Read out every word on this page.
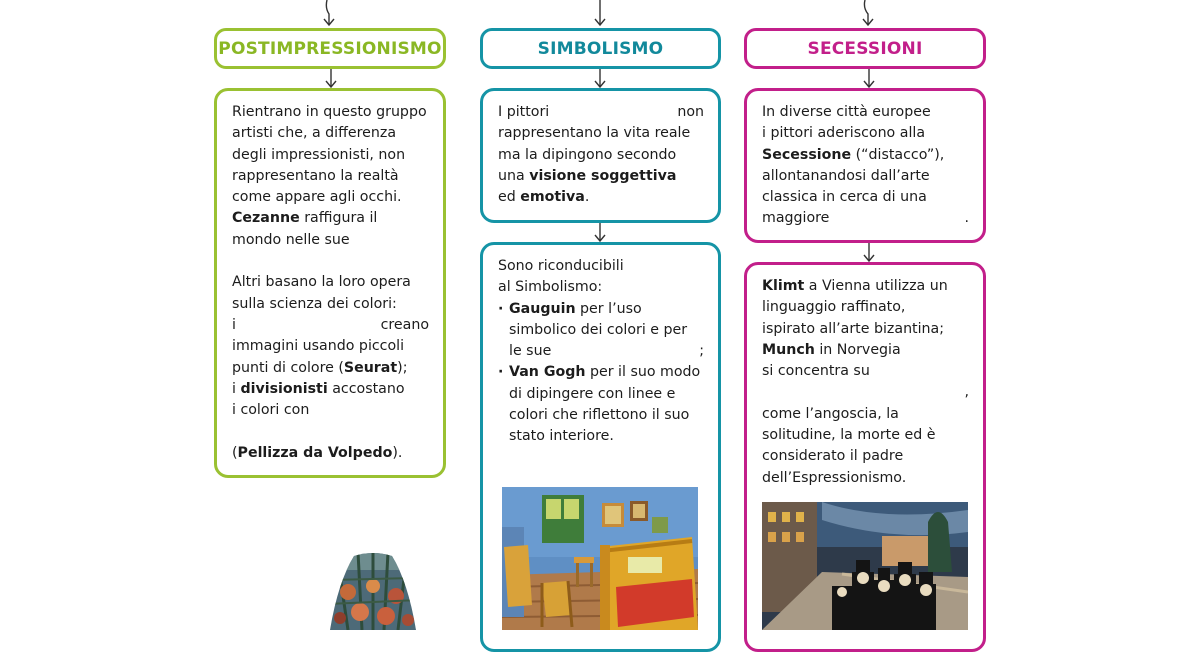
POSTIMPRESSIONISMO	SIMBOLISMO	SECESSIONI
Rientrano in questo gruppo
artisti che, a differenza
degli impressionisti, non
rappresentano la realtà
come appare agli occhi.
Cezanne raffigura il
mondo nelle sue
Altri basano la loro opera
sulla scienza dei colori:
i	creano
immagini usando piccoli
punti di colore (Seurat);
i divisionisti accostano
i colori con
(Pellizza da Volpedo).
I pittori	non
rappresentano la vita reale
ma la dipingono secondo
una visione soggettiva
ed emotiva.
Sono riconducibili
al Simbolismo:
· Gauguin per l’uso
simbolico dei colori e per
le sue	;
· Van Gogh per il suo modo
di dipingere con linee e
colori che riflettono il suo
stato interiore.
In diverse città europee
i pittori aderiscono alla
Secessione (“distacco”),
allontanandosi dall’arte
classica in cerca di una
maggiore	.
Klimt a Vienna utilizza un
linguaggio raffinato,
ispirato all’arte bizantina;
Munch in Norvegia
si concentra su
,
come l’angoscia, la
solitudine, la morte ed è
considerato il padre
dell’Espressionismo.
